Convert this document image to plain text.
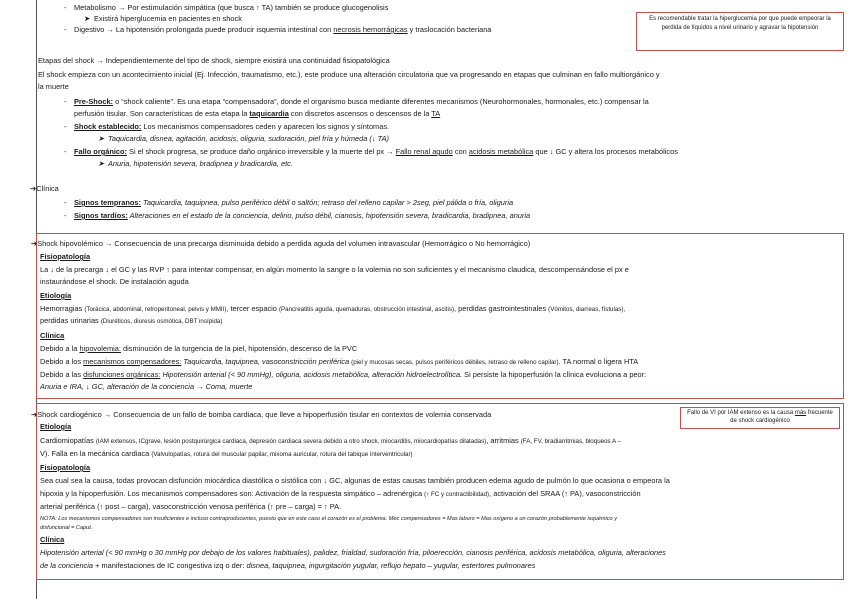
- Metabolismo → Por estimulación simpática (que busca ↑ TA) también se produce glucogenolisis
➤ Existirá hiperglucemia en pacientes en shock
- Digestivo → La hipotensión prolongada puede producir isquemia intestinal con necrosis hemorrágicas y traslocación bacteriana
Es recomendable tratar la hiperglucemia por que puede empeorar la perdida de líquidos a nivel urinario y agravar la hipotensión
Etapas del shock → Independientemente del tipo de shock, siempre existirá una continuidad fisiopatológica
El shock empieza con un acontecimiento inicial (Ej. Infección, traumatismo, etc.), este produce una alteración circulatoria que va progresando en etapas que culminan en fallo multiorgánico y
la muerte
- Pre-Shock: o “shock caliente”. Es una etapa “compensadora”, donde el organismo busca mediante diferentes mecanismos (Neurohormonales, hormonales, etc.) compensar la
perfusión tisular. Son características de esta etapa la taquicardia con discretos ascensos o descensos de la TA
- Shock establecido: Los mecanismos compensadores ceden y aparecen los signos y síntomas.
➤ Taquicardia, disnea, agitación, acidosis, oliguria, sudoración, piel fría y húmeda (↓ TA)
- Fallo orgánico: Si el shock progresa, se produce daño orgánico irreversible y la muerte del px → Fallo renal agudo con acidosis metabólica que ↓ GC y altera los procesos metabólicos
➤ Anuria, hipotensión severa, bradipnea y bradicardia, etc.
➔Clínica
- Signos tempranos: Taquicardia, taquipnea, pulso periférico débil o saltón; retraso del relleno capilar > 2seg, piel pálida o fría, oliguria
- Signos tardíos: Alteraciones en el estado de la conciencia, delirio, pulso débil, cianosis, hipotensión severa, bradicardia, bradipnea, anuria
➔Shock hipovolémico → Consecuencia de una precarga disminuida debido a perdida aguda del volumen intravascular (Hemorrágico o No hemorrágico)
Fisiopatología
La ↓ de la precarga ↓ el GC y las RVP ↑ para intentar compensar, en algún momento la sangre o la volemia no son suficientes y el mecanismo claudica, descompensándose el px e
instaurándose el shock. De instalación aguda
Etiología
Hemorragias (Torácica, abdominal, retroperitoneal, pelvis y MMII), tercer espacio (Pancreatitis aguda, quemaduras, obstrucción intestinal, ascitis), perdidas gastrointestinales (Vómitos, diarreas, fístulas),
perdidas urinarias (Diuréticos, diuresis osmótica, DBT insípida)
Clínica
Debido a la hipovolemia: disminución de la turgencia de la piel, hipotensión, descenso de la PVC
Debido a los mecanismos compensadores: Taquicardia, taquipnea, vasoconstricción periférica (piel y mucosas secas, pulsos periféricos débiles, retraso de relleno capilar). TA normal o ligera HTA
Debido a las disfunciones orgánicas: Hipotensión arterial (< 90 mmHg), oliguria, acidosis metabólica, alteración hidroelectrolítica. Si persiste la hipoperfusión la clínica evoluciona a peor:
Anuria e IRA, ↓ GC, alteración de la conciencia → Coma, muerte
➔Shock cardiogénico → Consecuencia de un fallo de bomba cardiaca, que lleve a hipoperfusión tisular en contextos de volemia conservada	Fallo de VI por IAM extenso es la causa más frecuente de shock cardiogénico
Etiología
Cardiomiopatías (IAM extensos, ICgrave, lesión postquirúrgica cardiaca, depresión cardiaca severa debido a otro shock, miocarditis, miocardiopatías dilatadas), arritmias (FA, FV, bradiarritmias, bloqueos A –
V). Falla en la mecánica cardiaca (Valvulopatías, rotura del muscular papilar, mixoma auricular, rotura del tabique interventricular)
Fisiopatología
Sea cual sea la causa, todas provocan disfunción miocárdica diastólica o sistólica con ↓ GC, algunas de estas causas también producen edema agudo de pulmón lo que ocasiona o empeora la
hipoxia y la hipoperfusión. Los mecanismos compensadores son: Activación de la respuesta simpático – adrenérgica (↑ FC y contractibilidad), activación del SRAA (↑ PA), vasoconstricción
arterial periférica (↑ post – carga), vasoconstricción venosa periférica (↑ pre – carga) = ↑ PA.
NOTA: Los mecanismos compensadores son insuficientes e incluso contraproducentes, puesto que en este caso el corazón es el problema. Mec compensadores = Mas laburo = Mas oxígeno a un corazón probablemente isquémico y
disfuncional = Caput.
Clínica
Hipotensión arterial (< 90 mmHg o 30 mmHg por debajo de los valores habituales), palidez, frialdad, sudoración fría, piloerección, cianosis periférica, acidosis metabólica, oliguria, alteraciones
de la conciencia + manifestaciones de IC congestiva izq o der: disnea, taquipnea, ingurgitación yugular, reflujo hepato – yugular, estertores pulmonares
